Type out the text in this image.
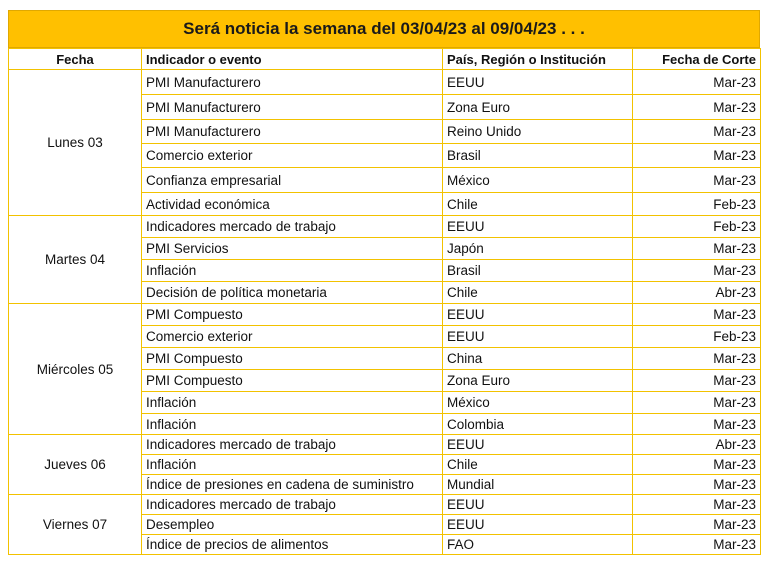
Será noticia la semana del 03/04/23 al 09/04/23 . . .
Fecha	Indicador o evento	País, Región o Institución	Fecha de Corte
Lunes 03	PMI Manufacturero	EEUU	Mar-23
	PMI Manufacturero	Zona Euro	Mar-23
	PMI Manufacturero	Reino Unido	Mar-23
	Comercio exterior	Brasil	Mar-23
	Confianza empresarial	México	Mar-23
	Actividad económica	Chile	Feb-23
Martes 04	Indicadores mercado de trabajo	EEUU	Feb-23
	PMI Servicios	Japón	Mar-23
	Inflación	Brasil	Mar-23
	Decisión de política monetaria	Chile	Abr-23
Miércoles 05	PMI Compuesto	EEUU	Mar-23
	Comercio exterior	EEUU	Feb-23
	PMI Compuesto	China	Mar-23
	PMI Compuesto	Zona Euro	Mar-23
	Inflación	México	Mar-23
	Inflación	Colombia	Mar-23
Jueves 06	Indicadores mercado de trabajo	EEUU	Abr-23
	Inflación	Chile	Mar-23
	Índice de presiones en cadena de suministro	Mundial	Mar-23
Viernes 07	Indicadores mercado de trabajo	EEUU	Mar-23
	Desempleo	EEUU	Mar-23
	Índice de precios de alimentos	FAO	Mar-23
